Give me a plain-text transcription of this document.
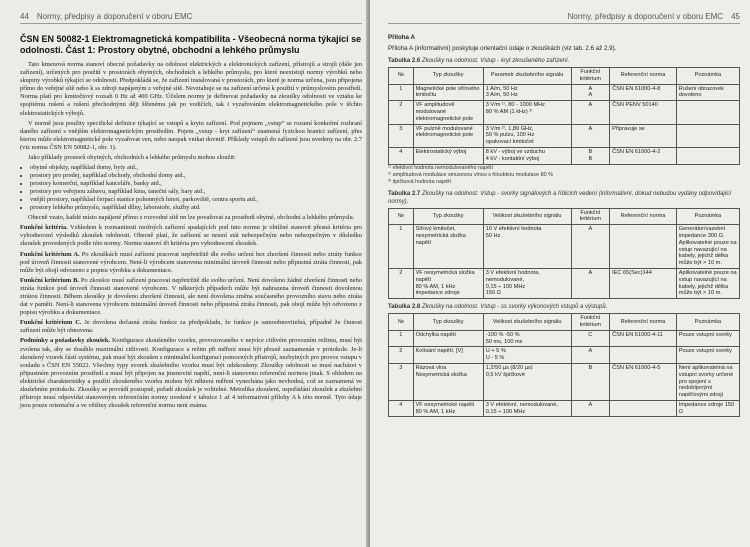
44 Normy, předpisy a doporučení v oboru EMC
ČSN EN 50082-1 Elektromagnetická kompatibilita - Všeobecná norma týkající se odolnosti. Část 1: Prostory obytné, obchodní a lehkého průmyslu

Tato kmenová norma stanoví obecné požadavky na odolnost elektrických a elektronických zařízení, přístrojů a strojů (dále jen zařízení), určených pro použití v prostorách obytných, obchodních a lehkého průmyslu, pro které neexistují normy výrobků nebo skupiny výrobků týkající se odolnosti. Předpokládá se, že zařízení instalovaná v prostorách, pro které je norma určena, jsou připojena přímo do veřejné sítě nebo k ss zdroji napájeným z veřejné sítě. Nevztahuje se na zařízení určená k použití v průmyslovém prostředí. Norma platí pro kmitočtový rozsah 0 Hz až 400 GHz. Účelem normy je definovat požadavky na zkoušky odolnosti ve vztahu ke spojitému rušení a rušení přechodnými ději šířenému jak po vodičích, tak i vyzařováním elektromagnetického pole v těchto elektrostatických výbojů.

V normě jsou použity specifické definice týkající se vstupů a krytu zařízení. Pod pojmem „vstup“ se rozumí konkrétní rozhraní daného zařízení s vnějším elektromagnetickým prostředím. Pojem „vstup - kryt zařízení“ znamená fyzickou hranici zařízení, přes kterou může elektromagnetické pole vyzařovat ven, nebo naopak vnikat dovnitř. Příklady vstupů do zařízení jsou uvedeny na obr. 2.7 (viz norma ČSN EN 50082-1, obr. 1).

Jako příklady prostorů obytných, obchodních a lehkého průmyslu mohou sloužit:

• obytné objekty, například domy, byty atd.,
• prostory pro prodej, například obchody, obchodní domy atd.,
• prostory komerční, například kanceláře, banky atd.,
• prostory pro veřejnou zábavu, například kina, taneční sály, bary atd.,
• vnější prostory, například čerpací stanice pohonných hmot, parkoviště, centra sportu atd.,
• prostory lehkého průmyslu, například dílny, laboratoře, služby atd.

Obecně vzato, každé místo napájené přímo z rozvodné sítě nn lze považovat za prostředí obytné, obchodní a lehkého průmyslu.

Funkční kritéria. Vzhledem k rozmanitosti možných zařízení spadajících pod tuto normu je obtížné stanovit přesná kritéria pro vyhodnocení výsledků zkoušek odolnosti. Obecně platí, že zařízení se nesmí stát nebezpečným nebo nebezpečným v důsledku zkoušek provedených podle této normy. Normu stanoví tři kritéria pro vyhodnocení zkoušek.

Funkční kritérium A. Po zkouškách musí zařízení pracovat nepřetržitě dle svého určení bez zhoršení činnosti nebo ztráty funkce pod úroveň činnosti stanovené výrobcem. Není-li výrobcem stanovena minimální úroveň činnosti nebo přípustná ztráta činnosti, pak může být obojí odvozeno z popisu výrobku a dokumentace.

Funkční kritérium B. Po zkoušce musí zařízení pracovat nepřetržitě dle svého určení. Není dovoleno žádné zhoršení činnosti nebo ztráta funkce pod úroveň činnosti stanovené výrobcem. V některých případech může být nahrazena úroveň činnosti dovolenou ztrátou činnosti. Během zkoušky je dovoleno zhoršení činnosti, ale není dovolena změna současného provozního stavu nebo ztráta dat v paměti. Není-li stanovena výrobcem minimální úroveň činnosti nebo přípustná ztráta činnosti, pak obojí může být odvozeno z popisu výrobku a dokumentace.

Funkční kritérium C. Je dovolena dočasná ztráta funkce za předpokladu, že funkce je samoobnovitelná, případně že činnost zařízení může být obnovena.

Podmínky a požadavky zkoušek. Konfigurace zkoušeného vzorku, provozovaného v nejvíce citlivém provozním režimu, musí být zvolena tak, aby se dosáhlo maximální citlivosti. Konfigurace a režim při měření musí být přesně zaznamenán v protokole. Je-li zkoušený vzorek částí systému, pak musí být zkoušen s minimální konfigurací pomocných přístrojů, nezbytných pro provoz vstupu v souladu s ČSN EN 55022. Všechny typy svorek zkušebního vzorku musí být odzkoušeny. Zkoušky odolnosti se musí nacházet v připustném provozním prostředí a musí být připojen na jmenovité napětí, není-li stanoveno referenční normou jinak. S ohledem na elektrické charakteristiky a použití zkoušeného vzorku mohou být některá měření vynechána jako nevhodná, což se zaznamená ve zkušebním protokolu. Zkoušky se provádí postupně, pořadí zkoušek je volitelné. Metodika zkoušení, uspořádání zkoušek a zkušební přístroje musí odpovídat stanoveným referenčním normy uvedené v tabulce 1 až 4 informativní přílohy A k této normě. Tyto údaje jsou pouze orientační a ve většiny zkoušek referenční normu není známa.

Normy, předpisy a doporučení v oboru EMC 45
Příloha A
Příloha A (informativní) poskytuje orientační údaje o zkouškách (viz tab. 2.6 až 2.9).
Tabulka 2.6 Zkoušky na odolnost. Vstup - kryt zkoušeného zařízení.
№	Typ zkoušky	Parametr zkušebního signálu	Funkční kritérium	Referenční norma	Poznámka
1	Magnetické pole síťového kmitočtu	1 A/m, 50 Hz
3 A/m, 50 Hz	A
A	ČSN EN 61000-4-8	Rušení obrazovek dovoleno
2	VF amplitudově modulované elektromagnetické pole	3 V/m ¹⁾, 80 - 1000 MHz
80 % AM (1 kHz) ²⁾	A	ČSN PENV 50140	
3	VF pulzně modulované elektromagnetické pole	3 V/m ²⁾, 1,89 GHz,
50 % pulzu, 100 Hz
opakovací kmitočet	A	Připravuje se	
4	Elektrostatický výboj	8 kV - výboj ve vzduchu
4 kV - kontaktní výboj	B
B	ČSN EN 61000-4-2	
¹⁾ efektivní hodnota nemodulovaného napětí
²⁾ amplitudová modulace sinusovou vlnou s hloubkou modulace 80 %
³⁾ špičková hodnota napětí
Tabulka 2.7 Zkoušky na odolnost. Vstup - svorky signálových a řídicích vedení (informativní, dokud nebudou vydány odpovídající normy).
№	Typ zkoušky	Velikost zkušebního signálu	Funkční kritérium	Referenční norma	Poznámka
1	Síťový kmitočet, nesymetrická složka napětí	10 V efektivní hodnota
50 Hz	A		Generátor/vazební impedance 300 Ω. Aplikovatelné pouze na vstup navazující na kabely, jejichž délka může být > 10 m.
2	VF nesymetrická složka napětí
80 % AM, 1 kHz
impedance zdroje	3 V efektivní hodnota, nemodulované,
0,15 ÷ 100 MHz
150 Ω	A	IEC 65(Sec)144	Aplikovatelné pouze na vstup navazující na kabely, jejichž délka může být > 10 m.
Tabulka 2.8 Zkoušky na odolnost. Vstup - ss svorky výkonových vstupů a výstupů.
№	Typ zkoušky	Velikost zkušebního signálu	Funkční kritérium	Referenční norma	Poznámka
1	Odchylka napětí	-100 % -50 %
50 ms, 100 ms	C	ČSN EN 61000-4-11	Pouze vstupní svorky
2	Kolísání napětí, [V]	U + 5 %
U - 5 %	A		Pouze vstupní svorky
3	Rázová vlna
Nesymetrická složka	1,2/50 µs (8/20 µs)
0,5 kV špičkové	B	ČSN EN 61000-4-5	Není aplikovatelná na vstupní svorky určené pro spojení s nedobíjenými napěťovými zdroji
4	VF nesymetrické napětí 80 % AM, 1 kHz	3 V efektivní, nemodulované,
0,15 ÷ 100 MHz	A		Impedance zdroje 150 Ω
